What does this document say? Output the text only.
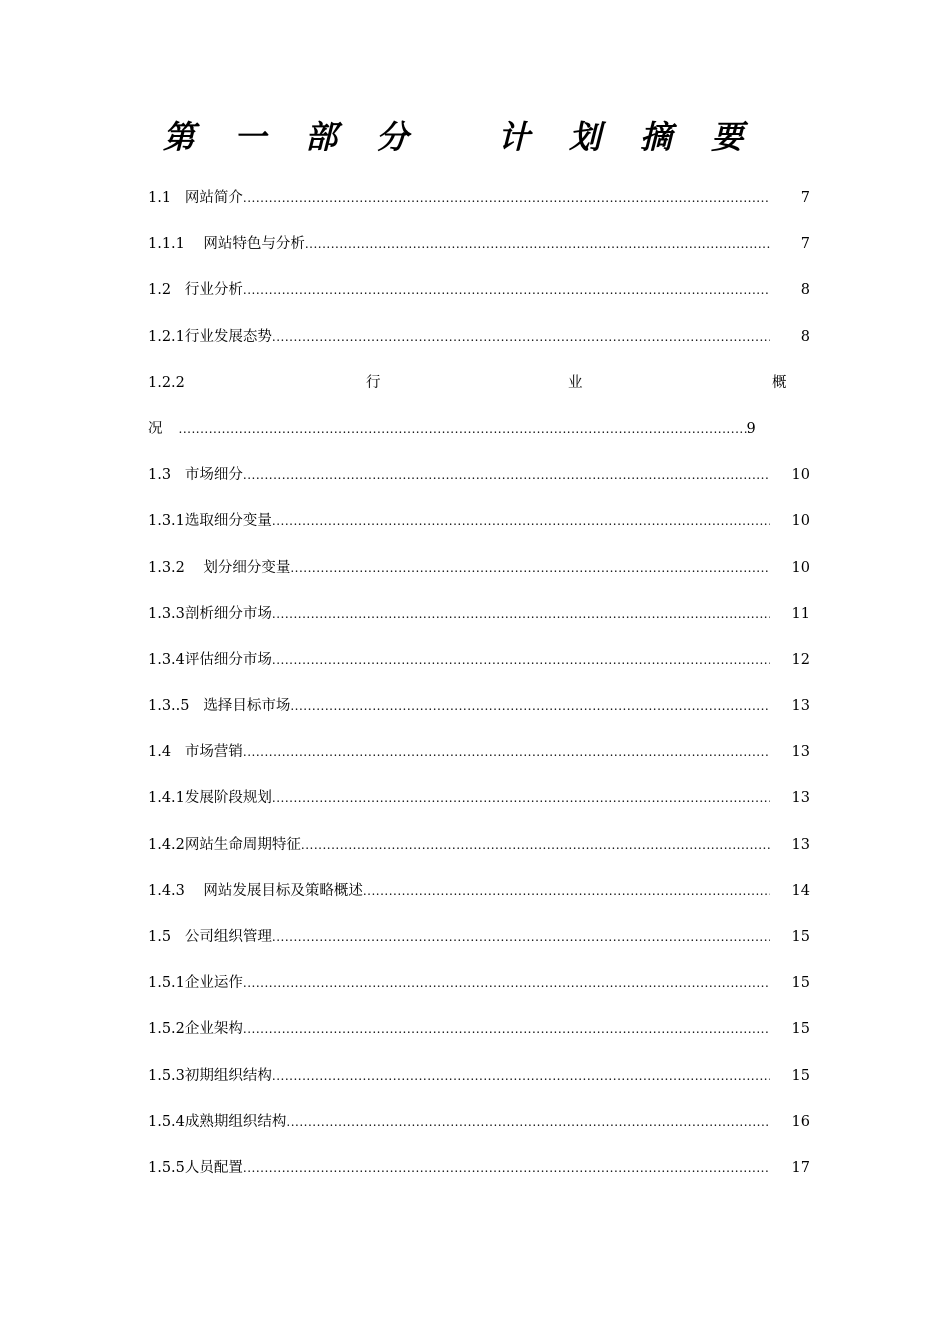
第 一 部 分   计 划 摘 要
1.1   网站简介 .....	7
1.1.1    网站特色与分析 .....	7
1.2   行业分析 .....	8
1.2.1行业发展态势 .....	8
1.2.2	行	业	概
况 .....	9
1.3   市场细分 .....	10
1.3.1选取细分变量 .....	10
1.3.2    划分细分变量 .....	10
1.3.3剖析细分市场 .....	11
1.3.4评估细分市场 .....	12
1.3..5   选择目标市场 .....	13
1.4   市场营销 .....	13
1.4.1发展阶段规划 .....	13
1.4.2网站生命周期特征 .....	13
1.4.3    网站发展目标及策略概述 .....	14
1.5   公司组织管理 .....	15
1.5.1企业运作 .....	15
1.5.2企业架构 .....	15
1.5.3初期组织结构 .....	15
1.5.4成熟期组织结构 .....	16
1.5.5人员配置 .....	17
